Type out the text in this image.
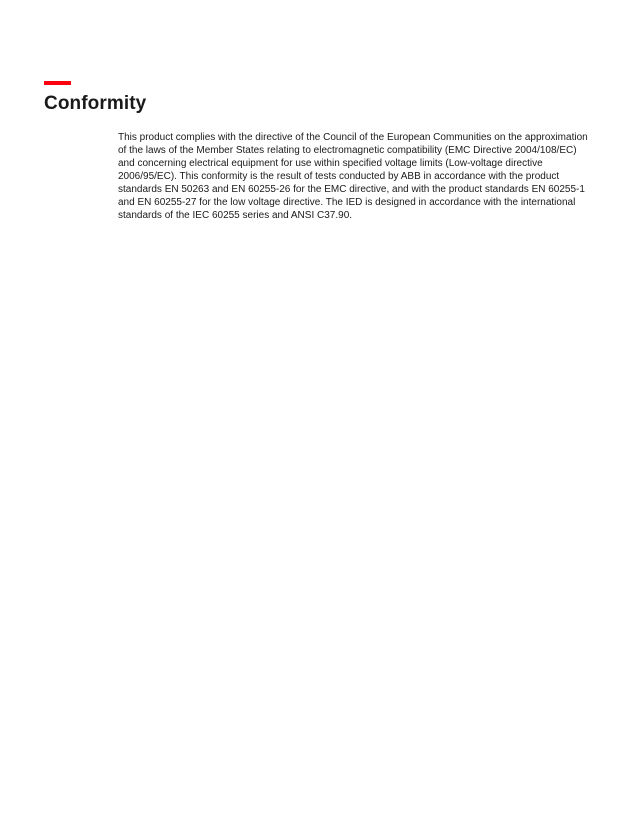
Conformity

This product complies with the directive of the Council of the European Communities on the approximation of the laws of the Member States relating to electromagnetic compatibility (EMC Directive 2004/108/EC) and concerning electrical equipment for use within specified voltage limits (Low-voltage directive 2006/95/EC). This conformity is the result of tests conducted by ABB in accordance with the product standards EN 50263 and EN 60255-26 for the EMC directive, and with the product standards EN 60255-1 and EN 60255-27 for the low voltage directive. The IED is designed in accordance with the international standards of the IEC 60255 series and ANSI C37.90.
